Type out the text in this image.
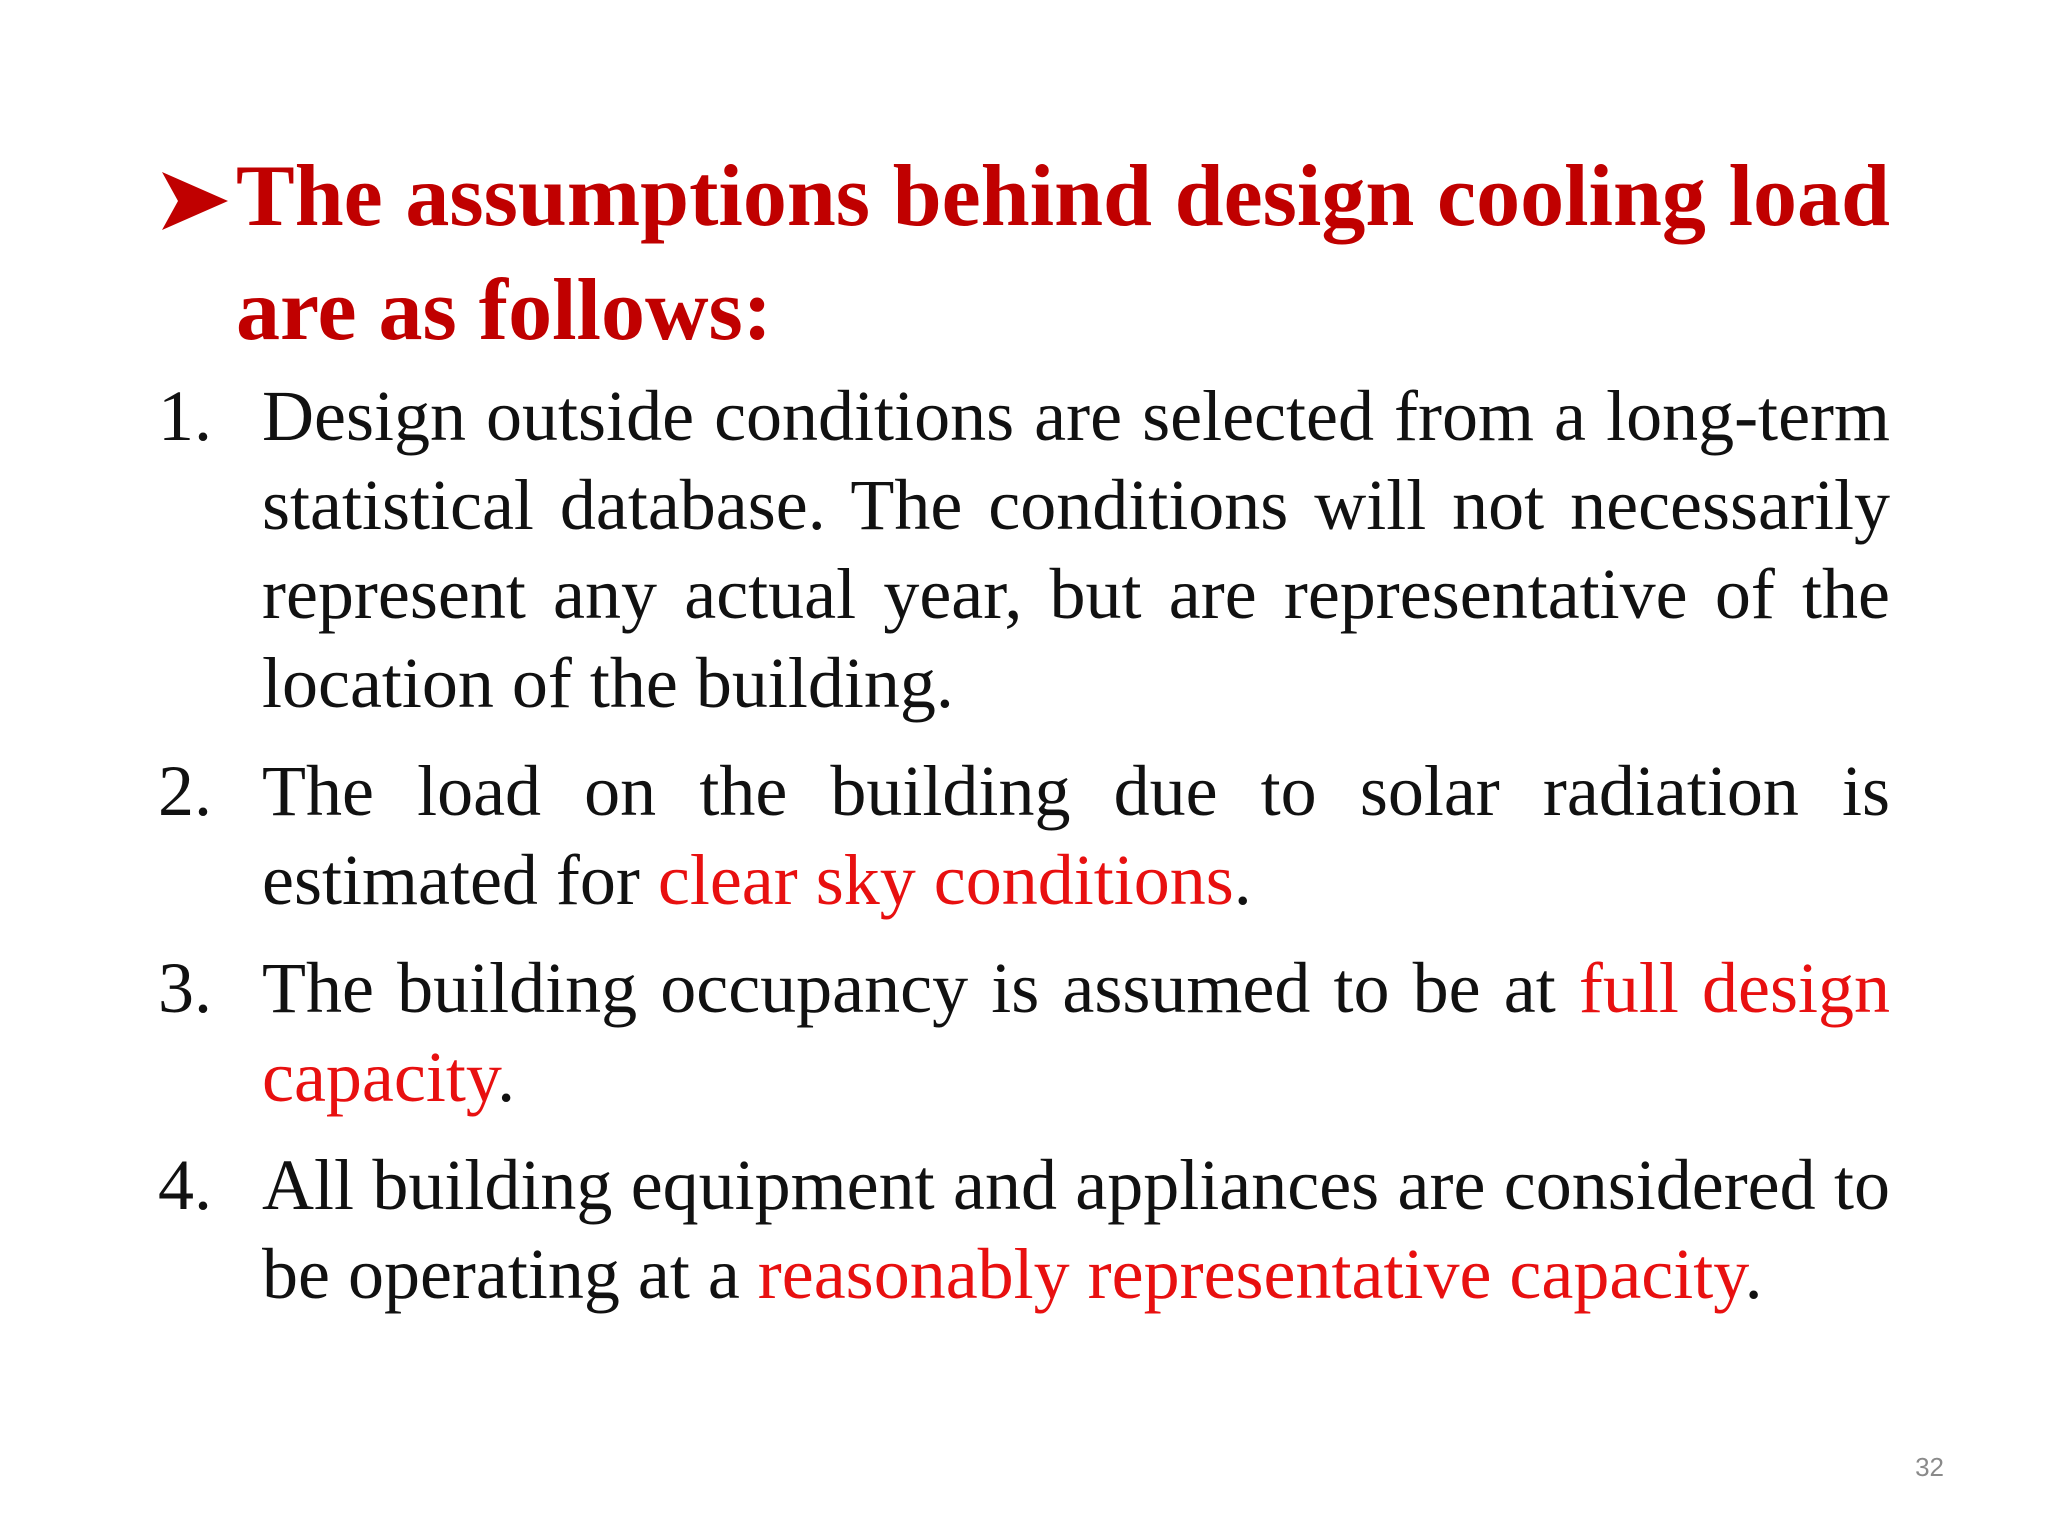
The assumptions behind design cooling load are as follows:
1. Design outside conditions are selected from a long-term statistical database. The conditions will not necessarily represent any actual year, but are representative of the location of the building.
2. The load on the building due to solar radiation is estimated for clear sky conditions.
3. The building occupancy is assumed to be at full design capacity.
4. All building equipment and appliances are considered to be operating at a reasonably representative capacity.
32
